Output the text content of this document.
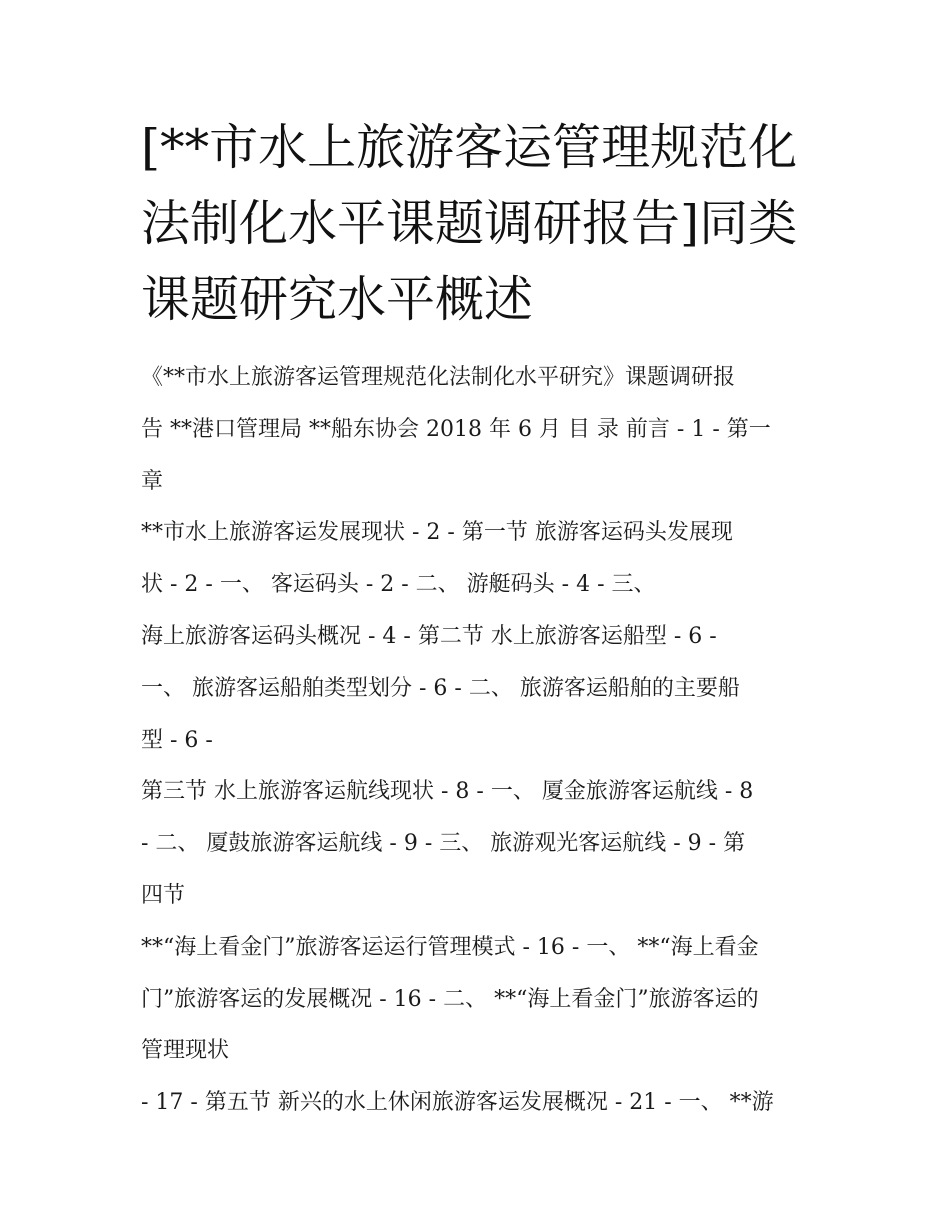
[**市水上旅游客运管理规范化
法制化水平课题调研报告]同类
课题研究水平概述
《**市水上旅游客运管理规范化法制化水平研究》课题调研报
告 **港口管理局 **船东协会 2018 年 6 月 目 录 前言 - 1 - 第一
章
**市水上旅游客运发展现状 - 2 - 第一节 旅游客运码头发展现
状 - 2 - 一、 客运码头 - 2 - 二、 游艇码头 - 4 - 三、
海上旅游客运码头概况 - 4 - 第二节 水上旅游客运船型 - 6 -
一、 旅游客运船舶类型划分 - 6 - 二、 旅游客运船舶的主要船
型 - 6 -
第三节 水上旅游客运航线现状 - 8 - 一、 厦金旅游客运航线 - 8
- 二、 厦鼓旅游客运航线 - 9 - 三、 旅游观光客运航线 - 9 - 第
四节
**“海上看金门”旅游客运运行管理模式 - 16 - 一、 **“海上看金
门”旅游客运的发展概况 - 16 - 二、 **“海上看金门”旅游客运的
管理现状
- 17 - 第五节 新兴的水上休闲旅游客运发展概况 - 21 - 一、 **游
